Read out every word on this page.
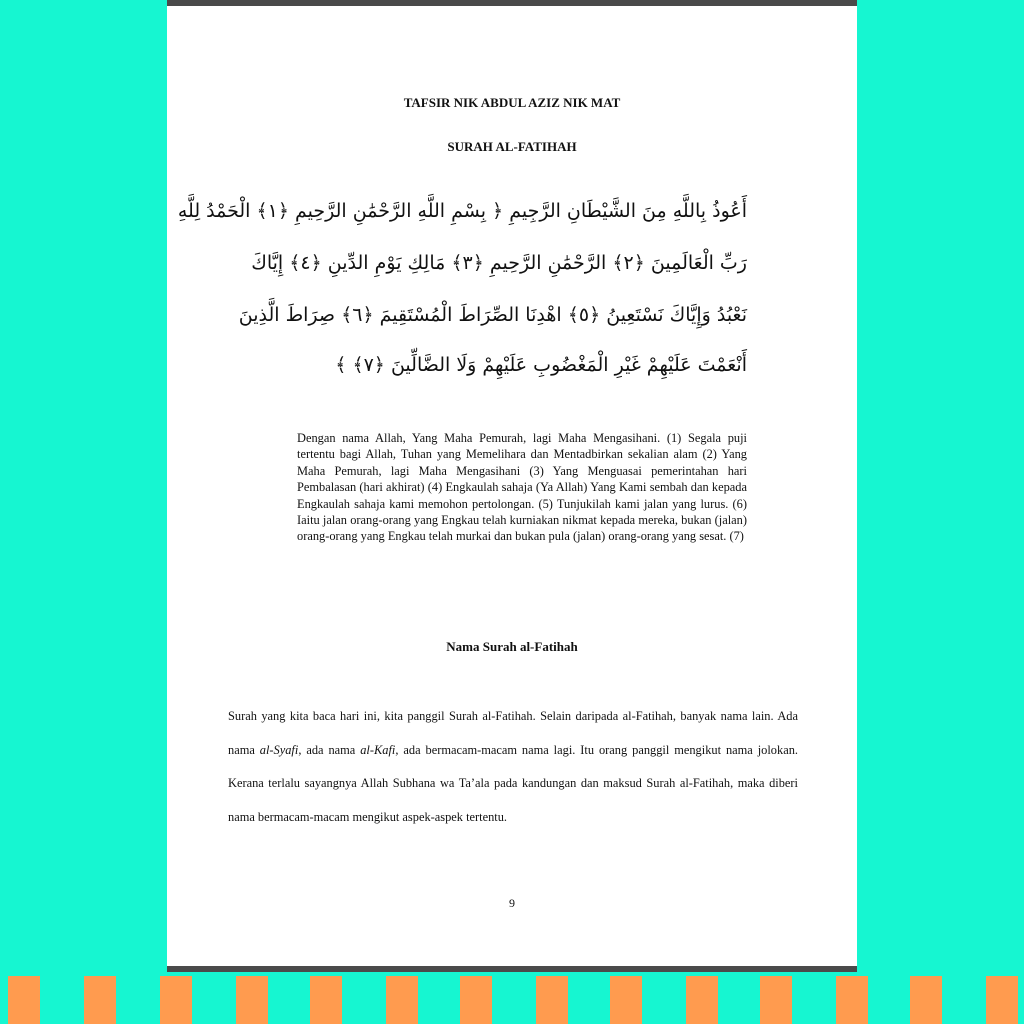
TAFSIR NIK ABDUL AZIZ NIK MAT
SURAH AL-FATIHAH
أَعُوذُ بِاللَّهِ مِنَ الشَّيْطَانِ الرَّجِيمِ ﴿ بِسْمِ اللَّهِ الرَّحْمَٰنِ الرَّحِيمِ ﴿١﴾ الْحَمْدُ لِلَّهِ
رَبِّ الْعَالَمِينَ ﴿٢﴾ الرَّحْمَٰنِ الرَّحِيمِ ﴿٣﴾ مَالِكِ يَوْمِ الدِّينِ ﴿٤﴾ إِيَّاكَ
نَعْبُدُ وَإِيَّاكَ نَسْتَعِينُ ﴿٥﴾ اهْدِنَا الصِّرَاطَ الْمُسْتَقِيمَ ﴿٦﴾ صِرَاطَ الَّذِينَ
أَنْعَمْتَ عَلَيْهِمْ غَيْرِ الْمَغْضُوبِ عَلَيْهِمْ وَلَا الضَّالِّينَ ﴿٧﴾ ﴾
Dengan nama Allah, Yang Maha Pemurah, lagi Maha Mengasihani. (1) Segala puji tertentu bagi Allah, Tuhan yang Memelihara dan Mentadbirkan sekalian alam (2) Yang Maha Pemurah, lagi Maha Mengasihani (3) Yang Menguasai pemerintahan hari Pembalasan (hari akhirat) (4) Engkaulah sahaja (Ya Allah) Yang Kami sembah dan kepada Engkaulah sahaja kami memohon pertolongan. (5) Tunjukilah kami jalan yang lurus. (6) Iaitu jalan orang-orang yang Engkau telah kurniakan nikmat kepada mereka, bukan (jalan) orang-orang yang Engkau telah murkai dan bukan pula (jalan) orang-orang yang sesat. (7)
Nama Surah al-Fatihah
Surah yang kita baca hari ini, kita panggil Surah al-Fatihah. Selain daripada al-Fatihah, banyak nama lain. Ada nama al-Syafi, ada nama al-Kafi, ada bermacam-macam nama lagi. Itu orang panggil mengikut nama jolokan. Kerana terlalu sayangnya Allah Subhana wa Ta’ala pada kandungan dan maksud Surah al-Fatihah, maka diberi nama bermacam-macam mengikut aspek-aspek tertentu.
9
